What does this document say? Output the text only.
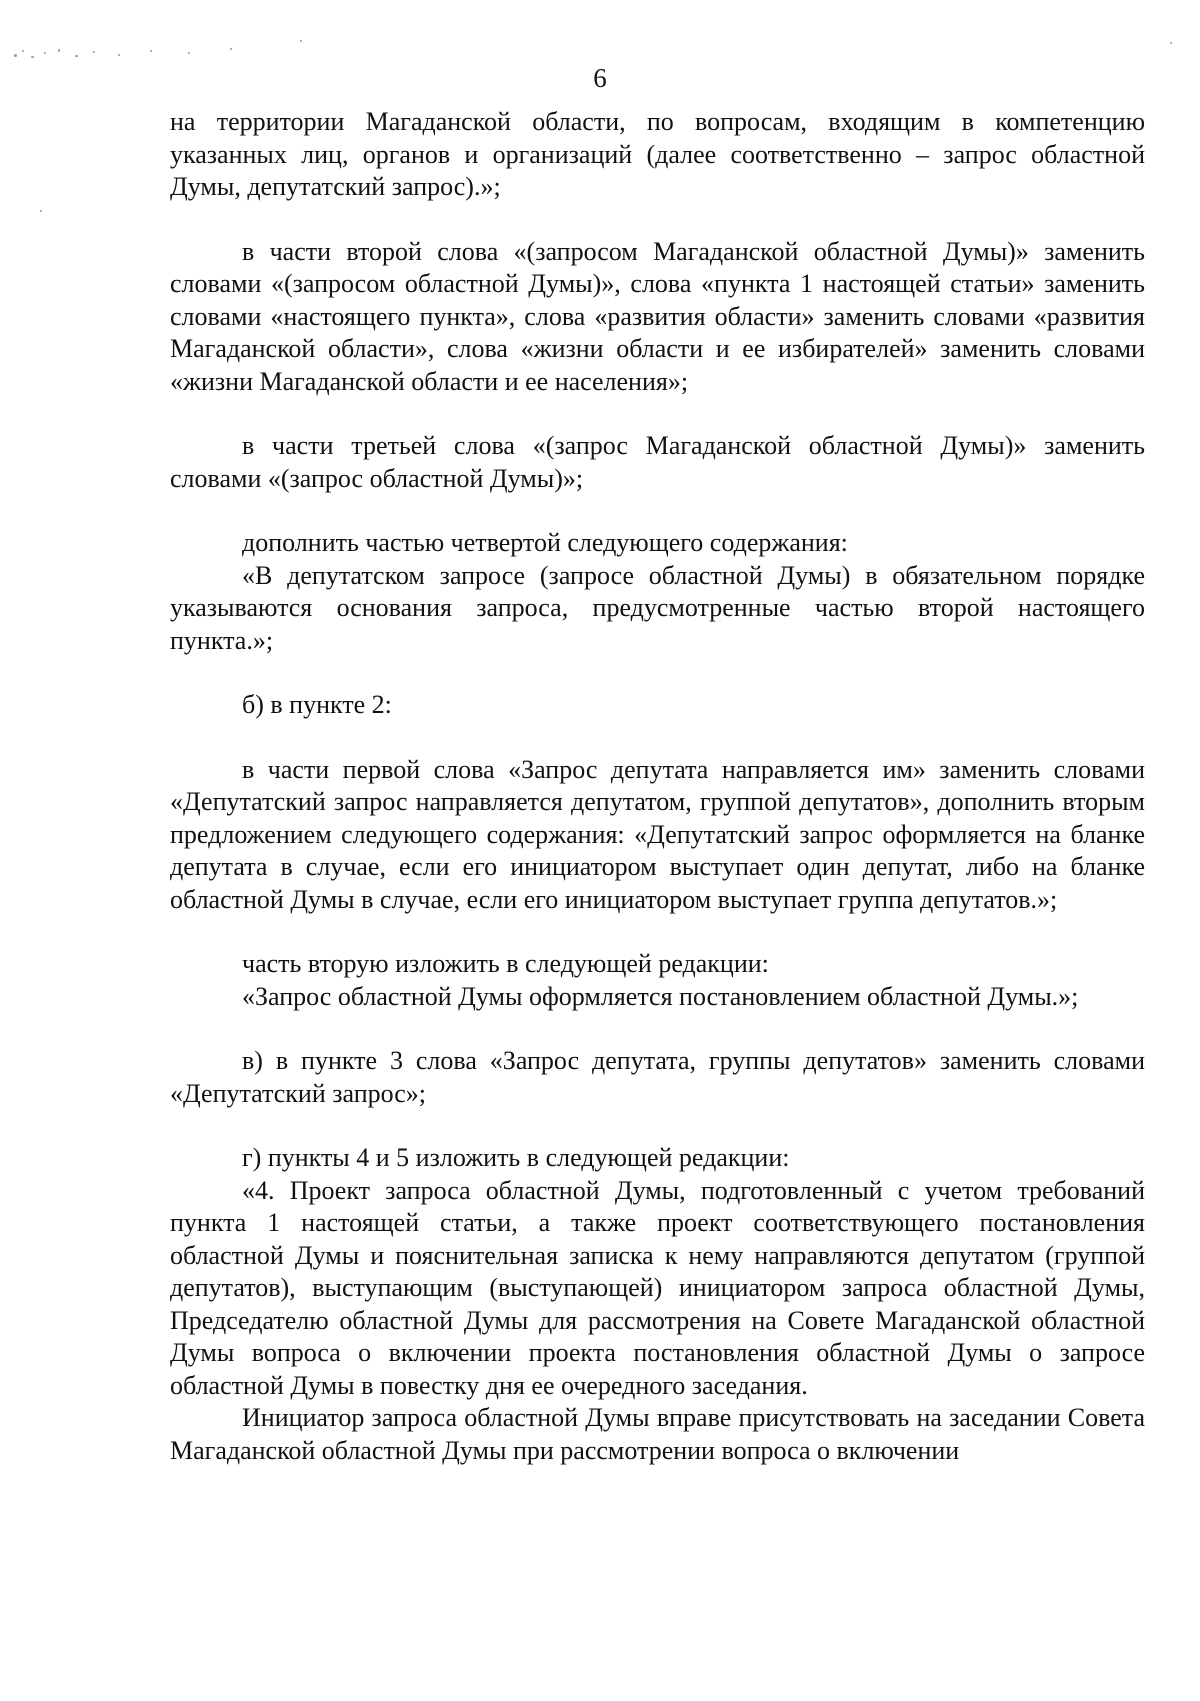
6

на территории Магаданской области, по вопросам, входящим в компетенцию указанных лиц, органов и организаций (далее соответственно – запрос областной Думы, депутатский запрос).»;

в части второй слова «(запросом Магаданской областной Думы)» заменить словами «(запросом областной Думы)», слова «пункта 1 настоящей статьи» заменить словами «настоящего пункта», слова «развития области» заменить словами «развития Магаданской области», слова «жизни области и ее избирателей» заменить словами «жизни Магаданской области и ее населения»;

в части третьей слова «(запрос Магаданской областной Думы)» заменить словами «(запрос областной Думы)»;

дополнить частью четвертой следующего содержания:

«В депутатском запросе (запросе областной Думы) в обязательном порядке указываются основания запроса, предусмотренные частью второй настоящего пункта.»;

б) в пункте 2:

в части первой слова «Запрос депутата направляется им» заменить словами «Депутатский запрос направляется депутатом, группой депутатов», дополнить вторым предложением следующего содержания: «Депутатский запрос оформляется на бланке депутата в случае, если его инициатором выступает один депутат, либо на бланке областной Думы в случае, если его инициатором выступает группа депутатов.»;

часть вторую изложить в следующей редакции:

«Запрос областной Думы оформляется постановлением областной Думы.»;

в) в пункте 3 слова «Запрос депутата, группы депутатов» заменить словами «Депутатский запрос»;

г) пункты 4 и 5 изложить в следующей редакции:

«4. Проект запроса областной Думы, подготовленный с учетом требований пункта 1 настоящей статьи, а также проект соответствующего постановления областной Думы и пояснительная записка к нему направляются депутатом (группой депутатов), выступающим (выступающей) инициатором запроса областной Думы, Председателю областной Думы для рассмотрения на Совете Магаданской областной Думы вопроса о включении проекта постановления областной Думы о запросе областной Думы в повестку дня ее очередного заседания.

Инициатор запроса областной Думы вправе присутствовать на заседании Совета Магаданской областной Думы при рассмотрении вопроса о включении
